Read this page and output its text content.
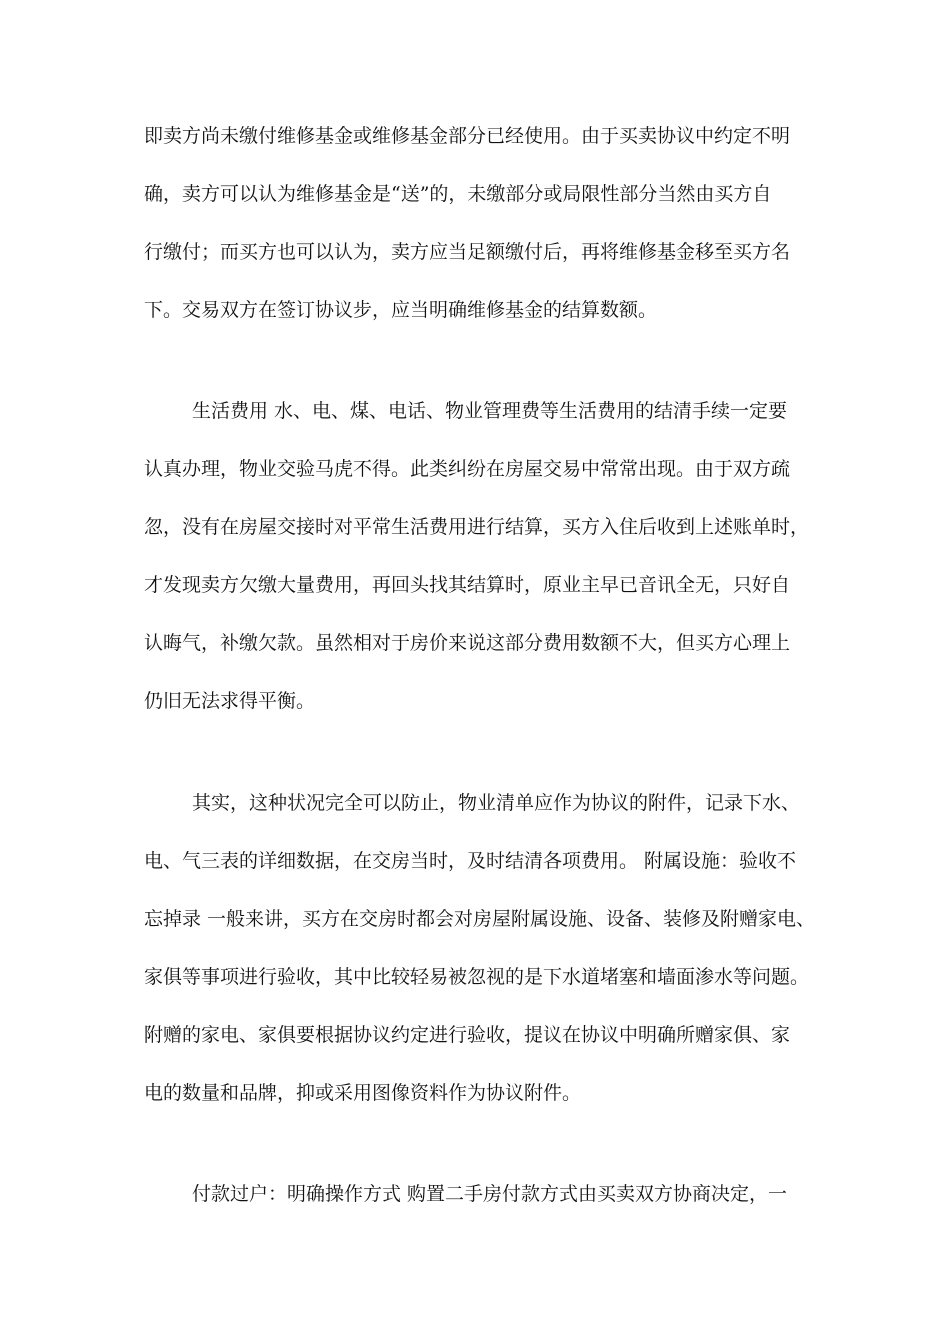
即卖方尚未缴付维修基金或维修基金部分已经使用。由于买卖协议中约定不明
确，卖方可以认为维修基金是“送”的，未缴部分或局限性部分当然由买方自
行缴付；而买方也可以认为，卖方应当足额缴付后，再将维修基金移至买方名
下。交易双方在签订协议步，应当明确维修基金的结算数额。
生活费用 水、电、煤、电话、物业管理费等生活费用的结清手续一定要
认真办理，物业交验马虎不得。此类纠纷在房屋交易中常常出现。由于双方疏
忽，没有在房屋交接时对平常生活费用进行结算，买方入住后收到上述账单时，
才发现卖方欠缴大量费用，再回头找其结算时，原业主早已音讯全无，只好自
认晦气，补缴欠款。虽然相对于房价来说这部分费用数额不大，但买方心理上
仍旧无法求得平衡。
其实，这种状况完全可以防止，物业清单应作为协议的附件，记录下水、
电、气三表的详细数据，在交房当时，及时结清各项费用。 附属设施：验收不
忘掉录 一般来讲，买方在交房时都会对房屋附属设施、设备、装修及附赠家电、
家俱等事项进行验收，其中比较轻易被忽视的是下水道堵塞和墙面渗水等问题。
附赠的家电、家俱要根据协议约定进行验收，提议在协议中明确所赠家俱、家
电的数量和品牌，抑或采用图像资料作为协议附件。
付款过户：明确操作方式 购置二手房付款方式由买卖双方协商决定，一
